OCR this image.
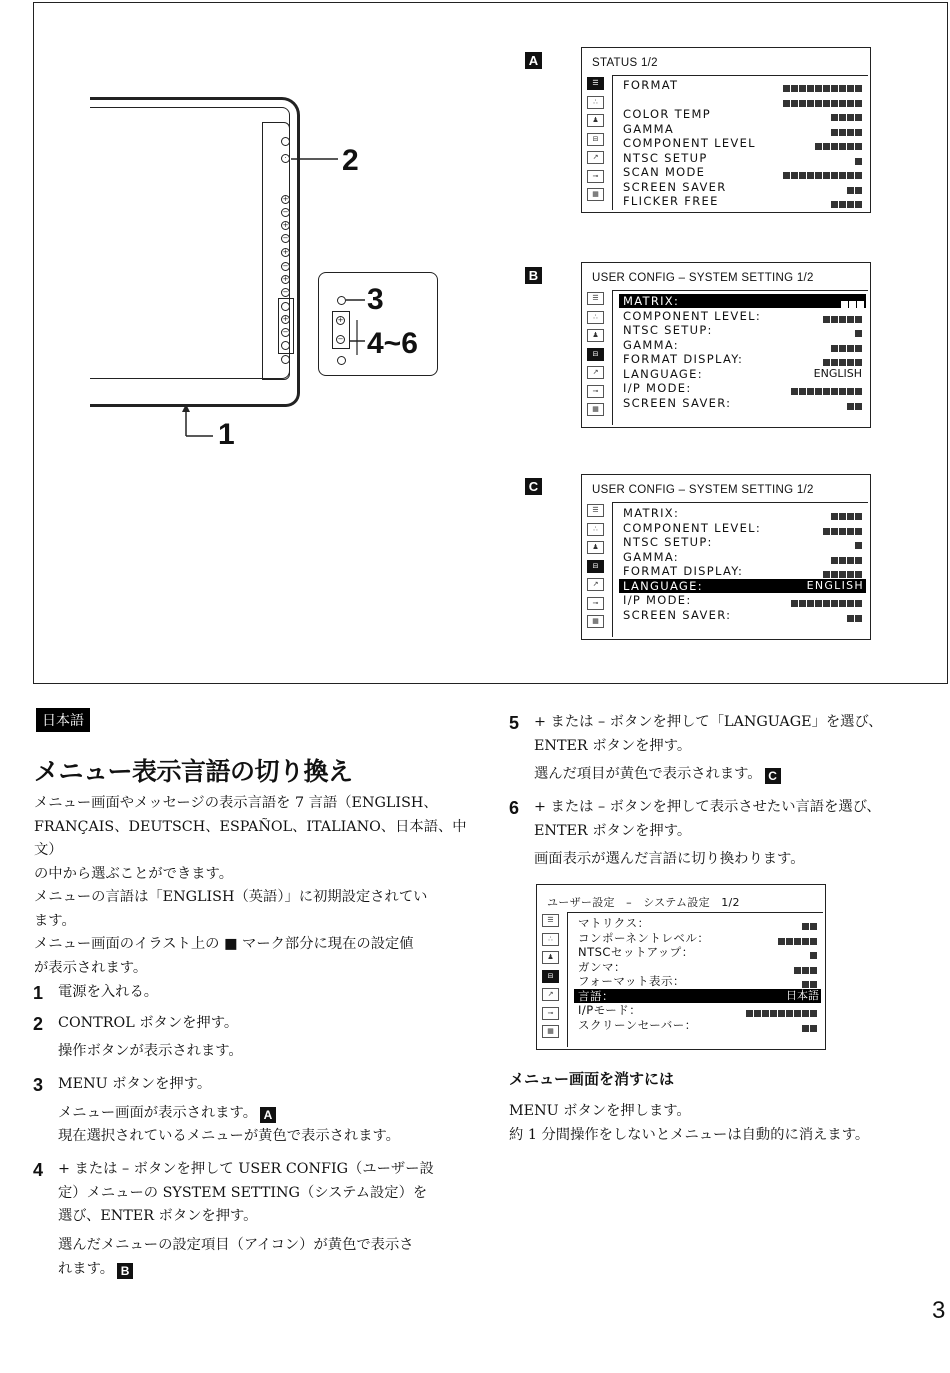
·
+
−
+
−
+
−
+
−
+
−
2
1
+
−
3
4~6
A
B
C
STATUS 1/2
☰
∴
♟
⊟
↗
⊸
▦
FORMAT
COLOR TEMP
GAMMA
COMPONENT LEVEL
NTSC SETUP
SCAN MODE
SCREEN SAVER
FLICKER FREE
USER CONFIG – SYSTEM SETTING 1/2
☰
∴
♟
⊟
↗
⊸
▦
MATRIX:
COMPONENT LEVEL:
NTSC SETUP:
GAMMA:
FORMAT DISPLAY:
LANGUAGE:	ENGLISH
I/P MODE:
SCREEN SAVER:
USER CONFIG – SYSTEM SETTING 1/2
☰
∴
♟
⊟
↗
⊸
▦
MATRIX:
COMPONENT LEVEL:
NTSC SETUP:
GAMMA:
FORMAT DISPLAY:
LANGUAGE:	ENGLISH
I/P MODE:
SCREEN SAVER:
日本語
メニュー表示言語の切り換え
メニュー画面やメッセージの表示言語を 7 言語（ENGLISH、
FRANÇAIS、DEUTSCH、ESPAÑOL、ITALIANO、日本語、中文）
の中から選ぶことができます。
メニューの言語は「ENGLISH（英語）」に初期設定されてい
ます。
メニュー画面のイラスト上の ■ マーク部分に現在の設定値
が表示されます。
1 電源を入れる。
2 CONTROL ボタンを押す。
操作ボタンが表示されます。
3 MENU ボタンを押す。
メニュー画面が表示されます。 A
現在選択されているメニューが黄色で表示されます。
4 + または – ボタンを押して USER CONFIG（ユーザー設
定）メニューの SYSTEM SETTING（システム設定）を
選び、ENTER ボタンを押す。
選んだメニューの設定項目（アイコン）が黄色で表示さ
れます。 B
5 + または – ボタンを押して「LANGUAGE」を選び、
ENTER ボタンを押す。
選んだ項目が黄色で表示されます。 C
6 + または – ボタンを押して表示させたい言語を選び、
ENTER ボタンを押す。
画面表示が選んだ言語に切り換わります。
ユーザー設定　–　システム設定　1/2
☰
∴
♟
⊟
↗
⊸
▦
マトリクス：
コンポーネントレベル：
NTSCセットアップ：
ガンマ：
フォーマット表示：
言語：	日本語
I/Pモード：
スクリーンセーバー：
メニュー画面を消すには
MENU ボタンを押します。
約 1 分間操作をしないとメニューは自動的に消えます。
3
